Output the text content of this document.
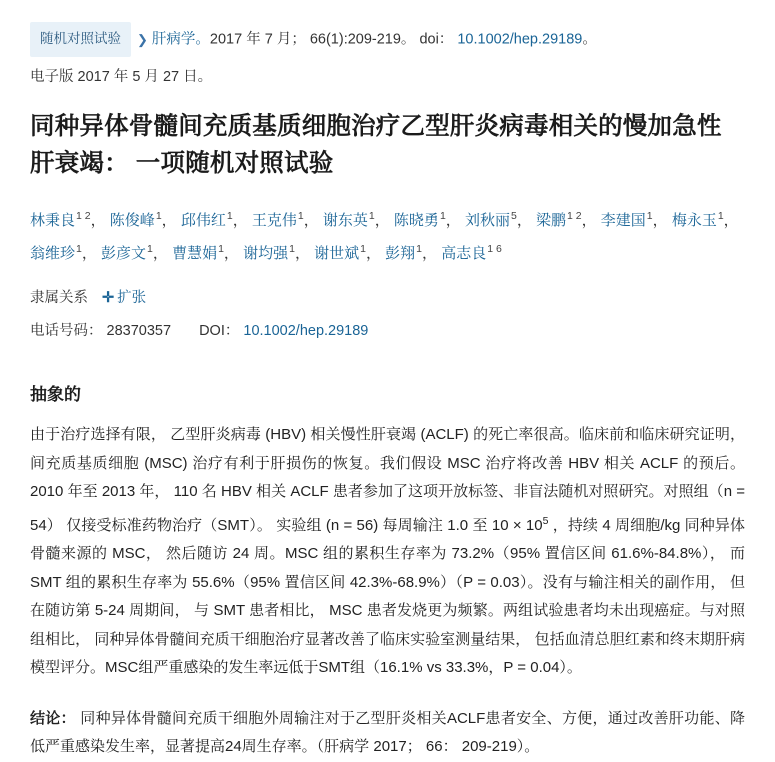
随机对照试验 ❯ 肝病学。2017 年 7 月； 66(1):209-219。 doi： 10.1002/hep.29189。
电子版 2017 年 5 月 27 日。
同种异体骨髓间充质基质细胞治疗乙型肝炎病毒相关的慢加急性肝衰竭： 一项随机对照试验
林秉良$^{1 2}$， 陈俊峰$^1$， 邱伟红$^1$， 王克伟$^1$， 谢东英$^1$， 陈晓勇$^1$， 刘秋丽$^5$， 梁鹏$^{1 2}$， 李建国$^1$， 梅永玉$^1$， 翁维珍$^1$， 彭彦文$^1$， 曹慧娟$^1$， 谢均强$^1$， 谢世斌$^1$， 彭翔$^1$， 高志良$^{1 6}$
隶属关系 ✛ 扩张
电话号码： 28370357 DOI： 10.1002/hep.29189
抽象的
由于治疗选择有限， 乙型肝炎病毒 (HBV) 相关慢性肝衰竭 (ACLF) 的死亡率很高。临床前和临床研究证明， 间充质基质细胞 (MSC) 治疗有利于肝损伤的恢复。我们假设 MSC 治疗将改善 HBV 相关 ACLF 的预后。2010 年至 2013 年， 110 名 HBV 相关 ACLF 患者参加了这项开放标签、非盲法随机对照研究。对照组（n = 54） 仅接受标准药物治疗（SMT）。 实验组 (n = 56) 每周输注 1.0 至 $10 \times 10^5$ ，持续 4 周细胞/kg 同种异体骨髓来源的 MSC， 然后随访 24 周。MSC 组的累积生存率为 73.2%（95% 置信区间 61.6%-84.8%）， 而 SMT 组的累积生存率为 55.6%（95% 置信区间 42.3%-68.9%）（P = 0.03）。没有与输注相关的副作用， 但在随访第 5-24 周期间， 与 SMT 患者相比， MSC 患者发烧更为频繁。两组试验患者均未出现癌症。与对照组相比， 同种异体骨髓间充质干细胞治疗显著改善了临床实验室测量结果， 包括血清总胆红素和终末期肝病模型评分。MSC组严重感染的发生率远低于SMT组（16.1% vs 33.3%，P = 0.04）。
结论： 同种异体骨髓间充质干细胞外周输注对于乙型肝炎相关ACLF患者安全、方便，通过改善肝功能、降低严重感染发生率，显著提高24周生存率。（肝病学 2017； 66： 209-219）。
